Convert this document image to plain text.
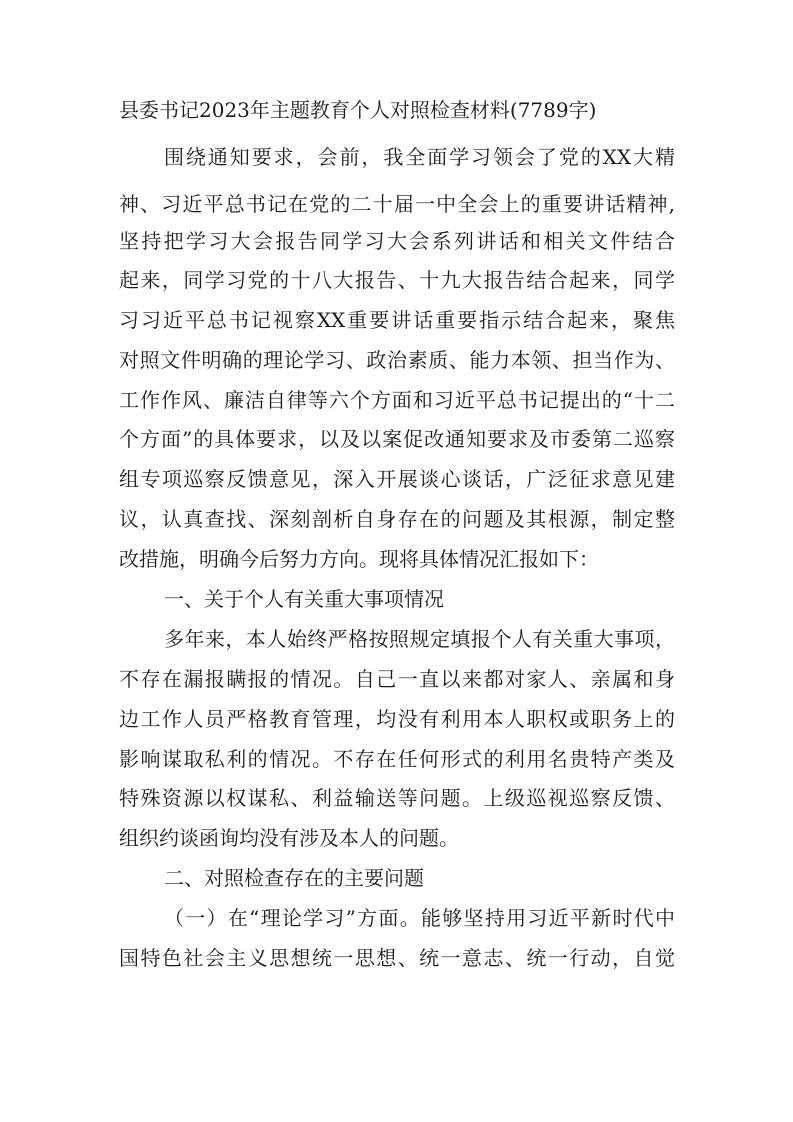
县委书记2023年主题教育个人对照检查材料(7789字)
围绕通知要求，会前，我全面学习领会了党的XX大精
神、习近平总书记在党的二十届一中全会上的重要讲话精神,
坚持把学习大会报告同学习大会系列讲话和相关文件结合
起来，同学习党的十八大报告、十九大报告结合起来，同学
习习近平总书记视察XX重要讲话重要指示结合起来，聚焦
对照文件明确的理论学习、政治素质、能力本领、担当作为、
工作作风、廉洁自律等六个方面和习近平总书记提出的“十二
个方面”的具体要求，以及以案促改通知要求及市委第二巡察
组专项巡察反馈意见，深入开展谈心谈话，广泛征求意见建
议，认真查找、深刻剖析自身存在的问题及其根源，制定整
改措施，明确今后努力方向。现将具体情况汇报如下：
一、关于个人有关重大事项情况
多年来，本人始终严格按照规定填报个人有关重大事项，
不存在漏报瞒报的情况。自己一直以来都对家人、亲属和身
边工作人员严格教育管理，均没有利用本人职权或职务上的
影响谋取私利的情况。不存在任何形式的利用名贵特产类及
特殊资源以权谋私、利益输送等问题。上级巡视巡察反馈、
组织约谈函询均没有涉及本人的问题。
二、对照检查存在的主要问题
（一）在“理论学习”方面。能够坚持用习近平新时代中
国特色社会主义思想统一思想、统一意志、统一行动，自觉
